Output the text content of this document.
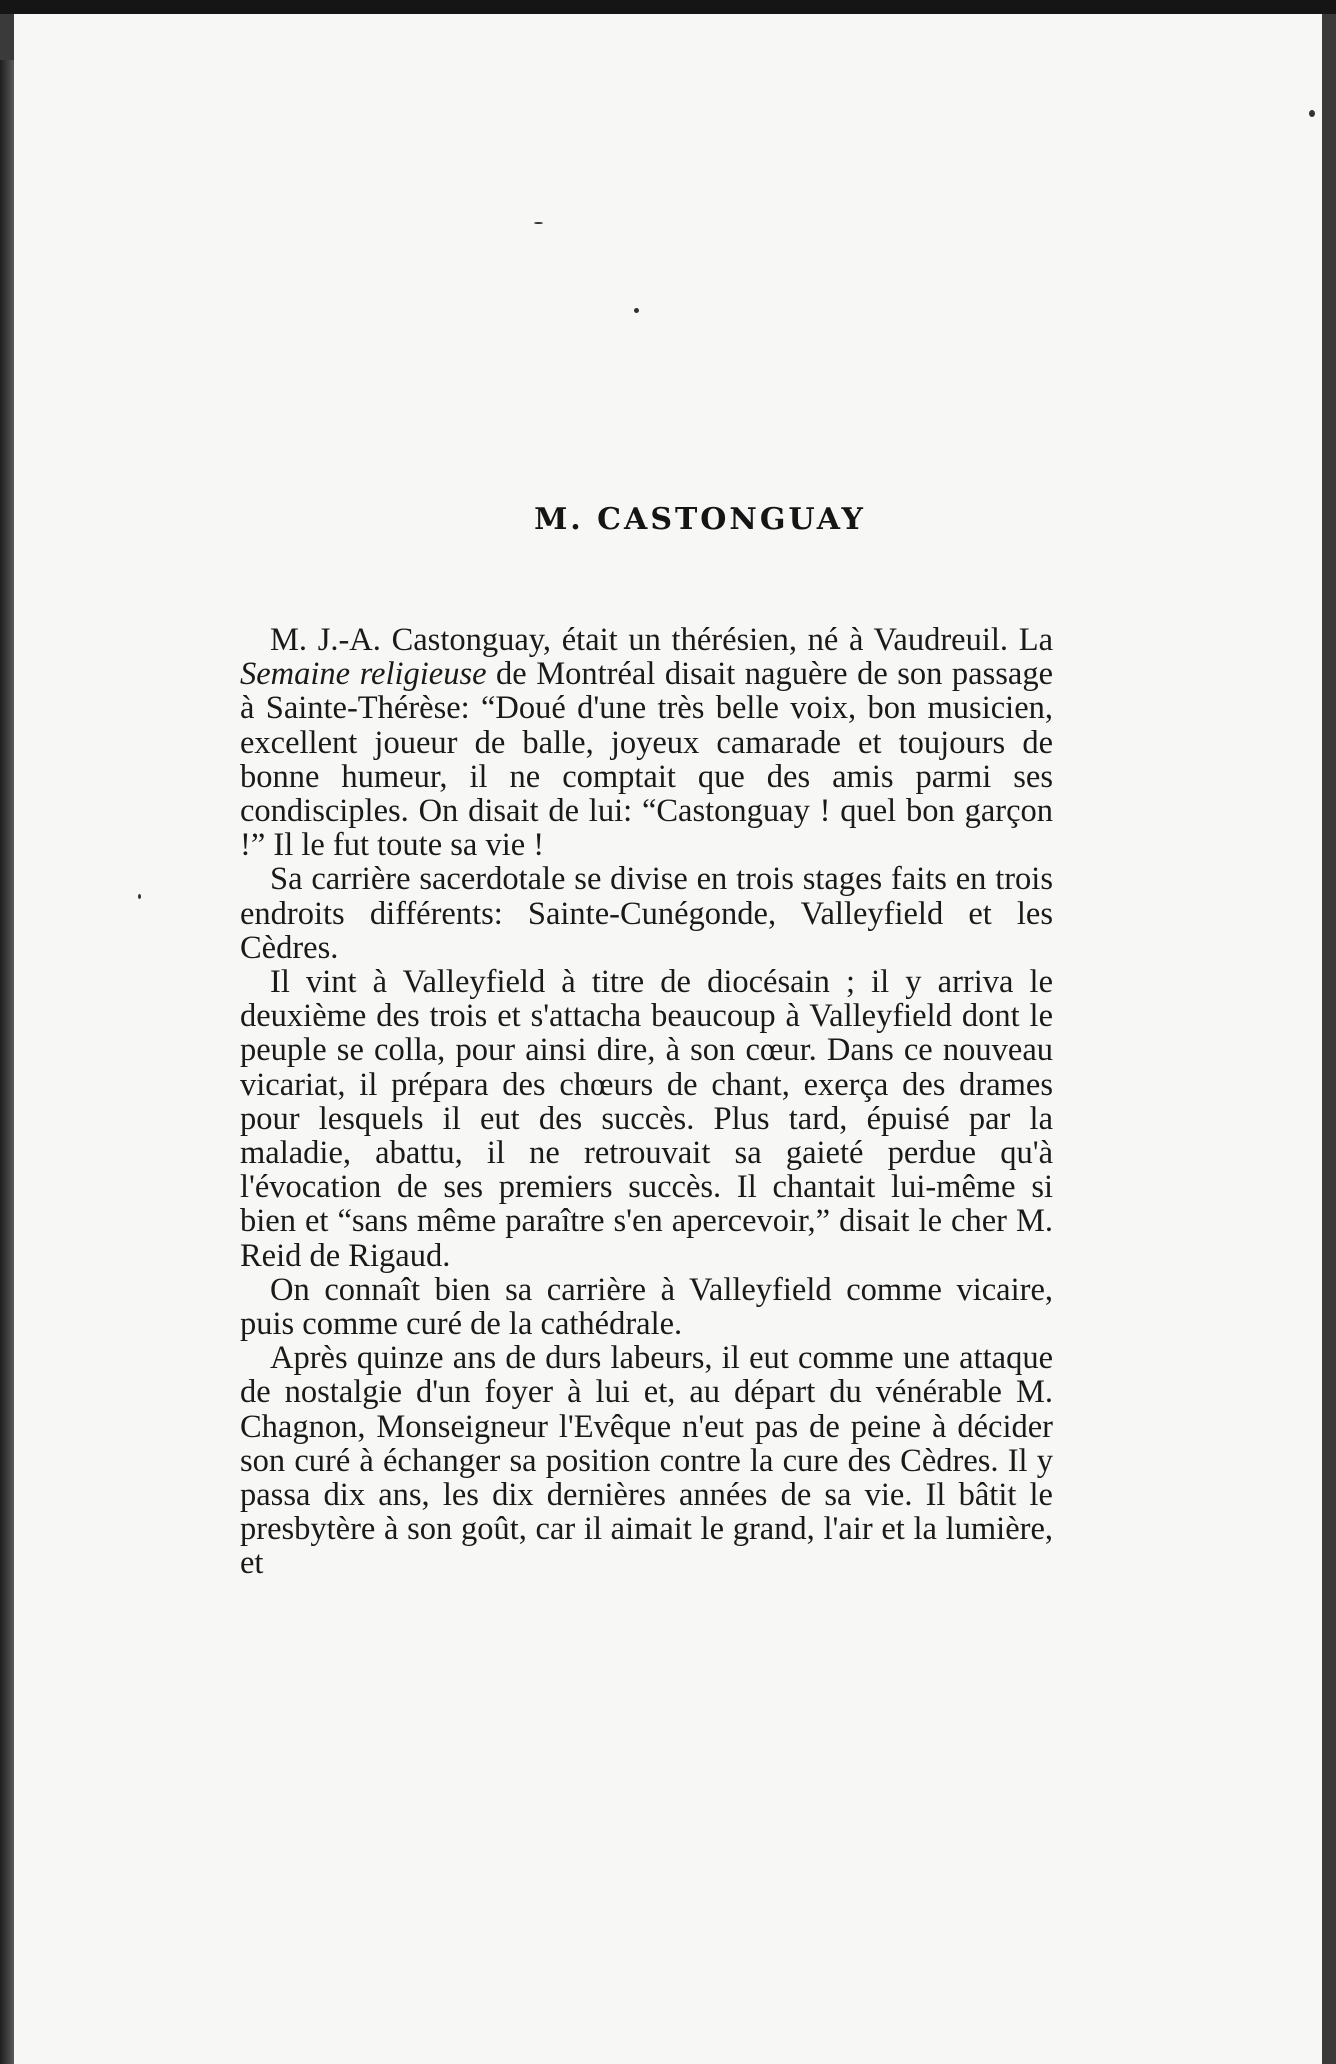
M. CASTONGUAY

M. J.-A. Castonguay, était un thérésien, né à Vaudreuil. La Semaine religieuse de Montréal disait naguère de son passage à Sainte-Thérèse: “Doué d'une très belle voix, bon musicien, excellent joueur de balle, joyeux camarade et toujours de bonne humeur, il ne comptait que des amis parmi ses condisciples. On disait de lui: “Castonguay ! quel bon garçon !” Il le fut toute sa vie !

Sa carrière sacerdotale se divise en trois stages faits en trois endroits différents: Sainte-Cunégonde, Valleyfield et les Cèdres.

Il vint à Valleyfield à titre de diocésain ; il y arriva le deuxième des trois et s'attacha beaucoup à Valleyfield dont le peuple se colla, pour ainsi dire, à son cœur. Dans ce nouveau vicariat, il prépara des chœurs de chant, exerça des drames pour lesquels il eut des succès. Plus tard, épuisé par la maladie, abattu, il ne retrouvait sa gaieté perdue qu'à l'évocation de ses premiers succès. Il chantait lui-même si bien et “sans même paraître s'en apercevoir,” disait le cher M. Reid de Rigaud.

On connaît bien sa carrière à Valleyfield comme vicaire, puis comme curé de la cathédrale.

Après quinze ans de durs labeurs, il eut comme une attaque de nostalgie d'un foyer à lui et, au départ du vénérable M. Chagnon, Monseigneur l'Evêque n'eut pas de peine à décider son curé à échanger sa position contre la cure des Cèdres. Il y passa dix ans, les dix dernières années de sa vie. Il bâtit le presbytère à son goût, car il aimait le grand, l'air et la lumière, et
